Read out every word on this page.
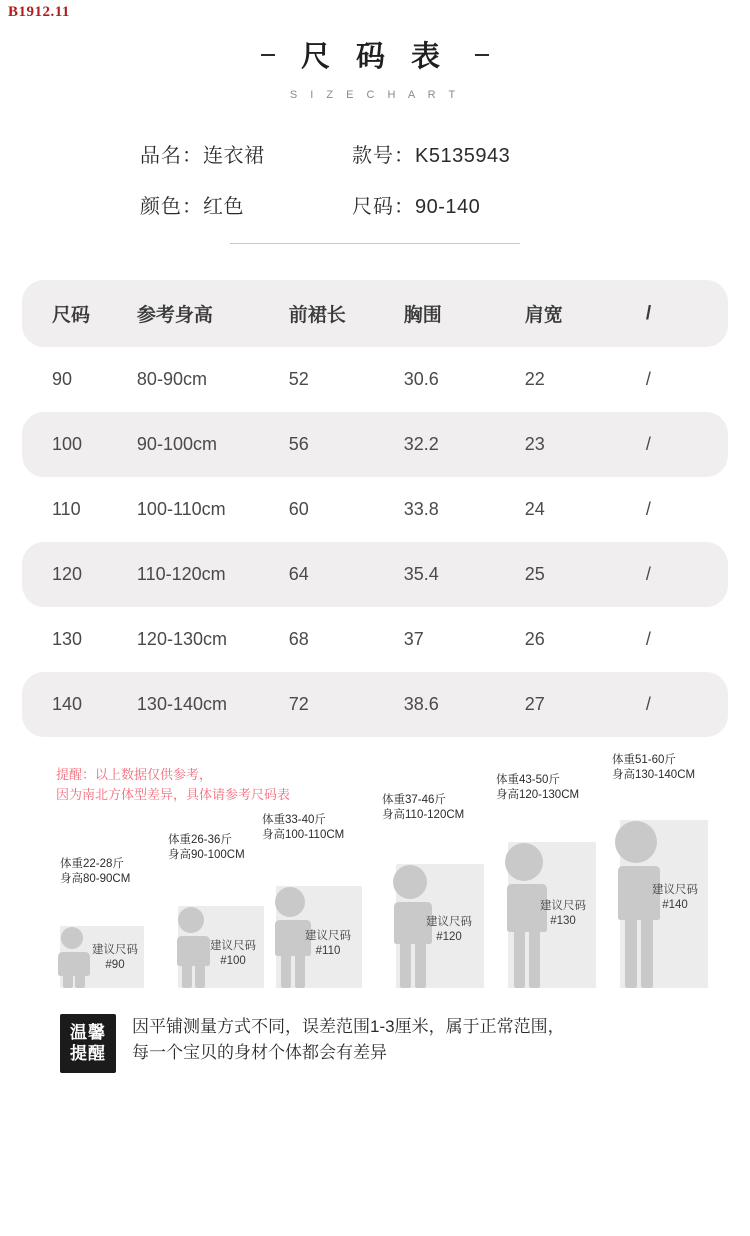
B1912.11
尺 码 表
S I Z E C H A R T
品名：连衣裙	款号：K5135943
颜色：红色	尺码：90-140
尺码	参考身高	前裙长	胸围	肩宽	/
90	80-90cm	52	30.6	22	/
100	90-100cm	56	32.2	23	/
110	100-110cm	60	33.8	24	/
120	110-120cm	64	35.4	25	/
130	120-130cm	68	37	26	/
140	130-140cm	72	38.6	27	/
提醒：以上数据仅供参考，
因为南北方体型差异，具体请参考尺码表
体重22-28斤
身高80-90CM
建议尺码
#90
体重26-36斤
身高90-100CM
建议尺码
#100
体重33-40斤
身高100-110CM
建议尺码
#110
体重37-46斤
身高110-120CM
建议尺码
#120
体重43-50斤
身高120-130CM
建议尺码
#130
体重51-60斤
身高130-140CM
建议尺码
#140
温馨
提醒
因平铺测量方式不同，误差范围1-3厘米，属于正常范围，
每一个宝贝的身材个体都会有差异
